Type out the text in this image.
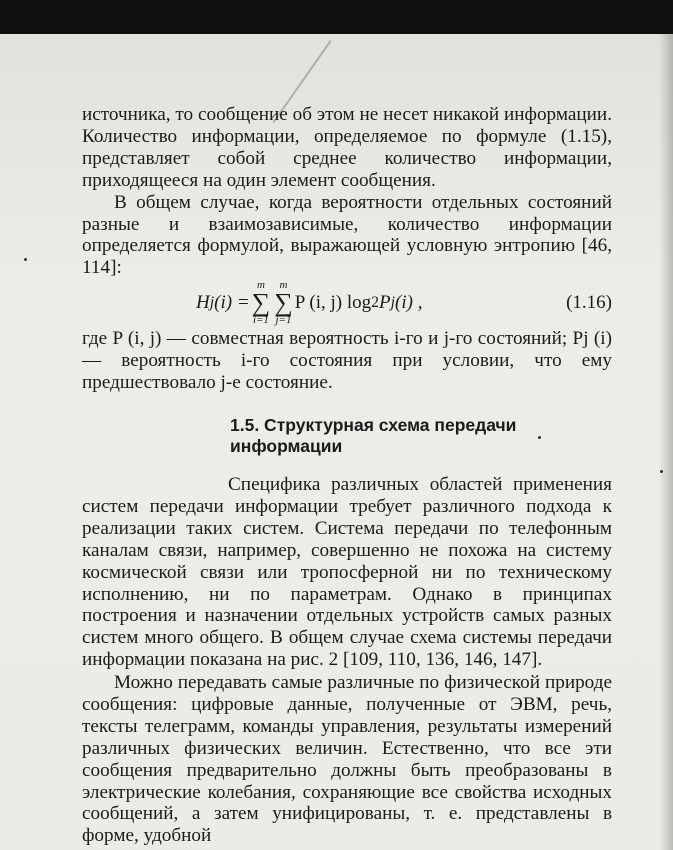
источника, то сообщение об этом не несет никакой информации. Количество информации, определяемое по формуле (1.15), представляет собой среднее количество информации, приходящееся на один элемент сообщения.

В общем случае, когда вероятности отдельных состояний разные и взаимозависимые, количество информации определяется формулой, выражающей условную энтропию [46, 114]:

H j (i) =
m
∑
i=1
m
∑
j=1
P (i, j) log 2 P j (i) ,	(1.16)

где P (i, j) — совместная вероятность i-го и j-го состояний; Pj (i) — вероятность i-го состояния при условии, что ему предшествовало j-е состояние.

1.5. Структурная схема передачи информации

Специфика различных областей применения систем передачи информации требует различного подхода к реализации таких систем. Система передачи по телефонным каналам связи, например, совершенно не похожа на систему космической связи или тропосферной ни по техническому исполнению, ни по параметрам. Однако в принципах построения и назначении отдельных устройств самых разных систем много общего. В общем случае схема системы передачи информации показана на рис. 2 [109, 110, 136, 146, 147].

Можно передавать самые различные по физической природе сообщения: цифровые данные, полученные от ЭВМ, речь, тексты телеграмм, команды управления, результаты измерений различных физических величин. Естественно, что все эти сообщения предварительно должны быть преобразованы в электрические колебания, сохраняющие все свойства исходных сообщений, а затем унифицированы, т. е. представлены в форме, удобной
